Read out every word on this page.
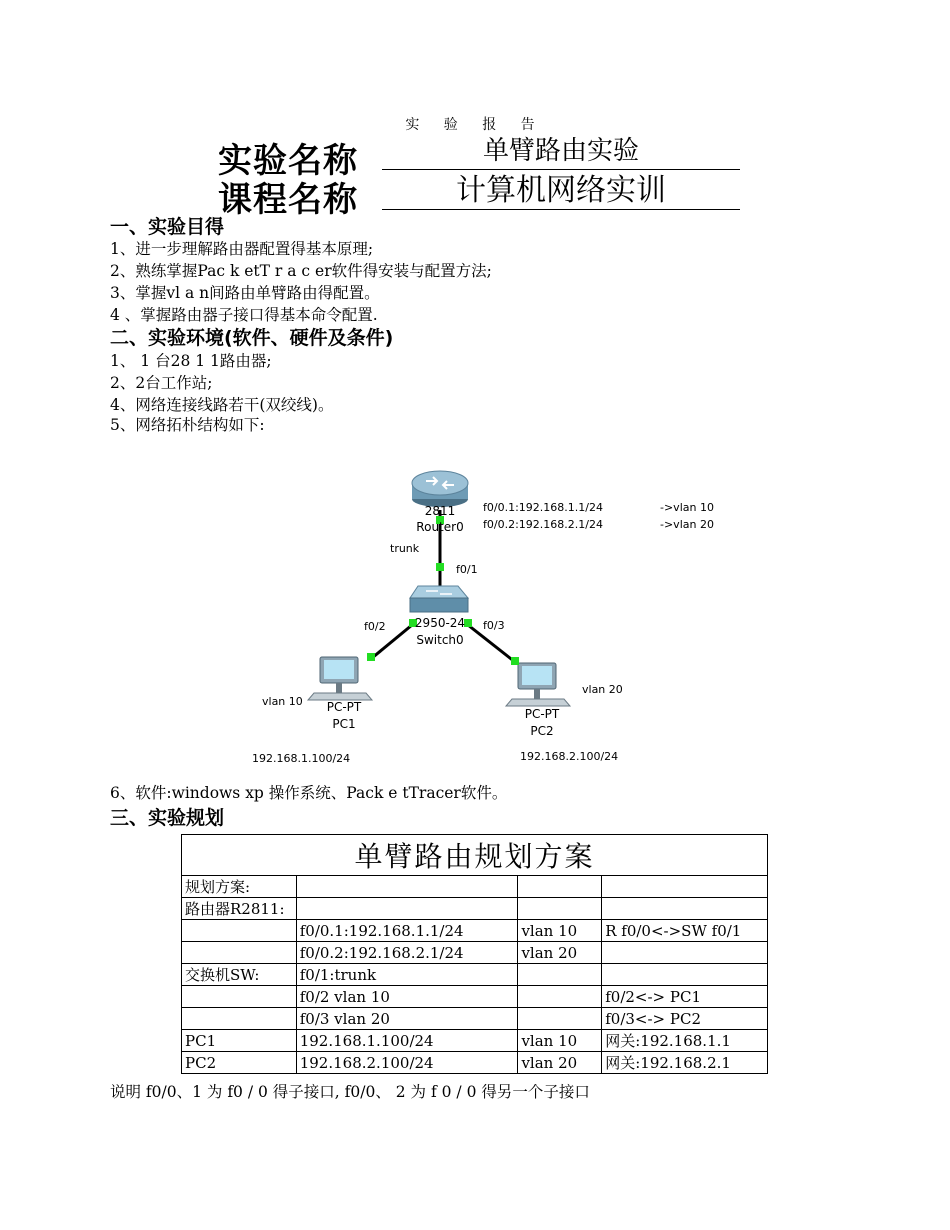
实 验 报 告
实验名称	单臂路由实验
课程名称	计算机网络实训
一、实验目得
1、进一步理解路由器配置得基本原理;
2、熟练掌握Pac k etT r a c er软件得安装与配置方法;
3、掌握vl a n间路由单臂路由得配置。
4 、掌握路由器子接口得基本命令配置.
二、实验环境(软件、硬件及条件)
1、 1 台28 1 1路由器;
2、2台工作站;
4、网络连接线路若干(双绞线)。
5、网络拓朴结构如下:
2811
Router0
f0/0.1:192.168.1.1/24
f0/0.2:192.168.2.1/24
->vlan 10
->vlan 20
trunk
f0/1
2950-24
Switch0
f0/2	f0/3
vlan 10 PC-PT
PC1
192.168.1.100/24
vlan 20
PC-PT
PC2
192.168.2.100/24
6、软件:windows xp 操作系统、Pack e tTracer软件。
三、实验规划
单臂路由规划方案			
规划方案:			
路由器R2811:			
	f0/0.1:192.168.1.1/24	vlan 10	R f0/0<->SW f0/1
	f0/0.2:192.168.2.1/24	vlan 20	
交换机SW:	f0/1:trunk		
	f0/2 vlan 10		f0/2<-> PC1
	f0/3 vlan 20		f0/3<-> PC2
PC1	192.168.1.100/24	vlan 10	网关:192.168.1.1
PC2	192.168.2.100/24	vlan 20	网关:192.168.2.1
说明 f0/0、1 为 f0 / 0 得子接口, f0/0、 2 为 f 0 / 0 得另一个子接口
